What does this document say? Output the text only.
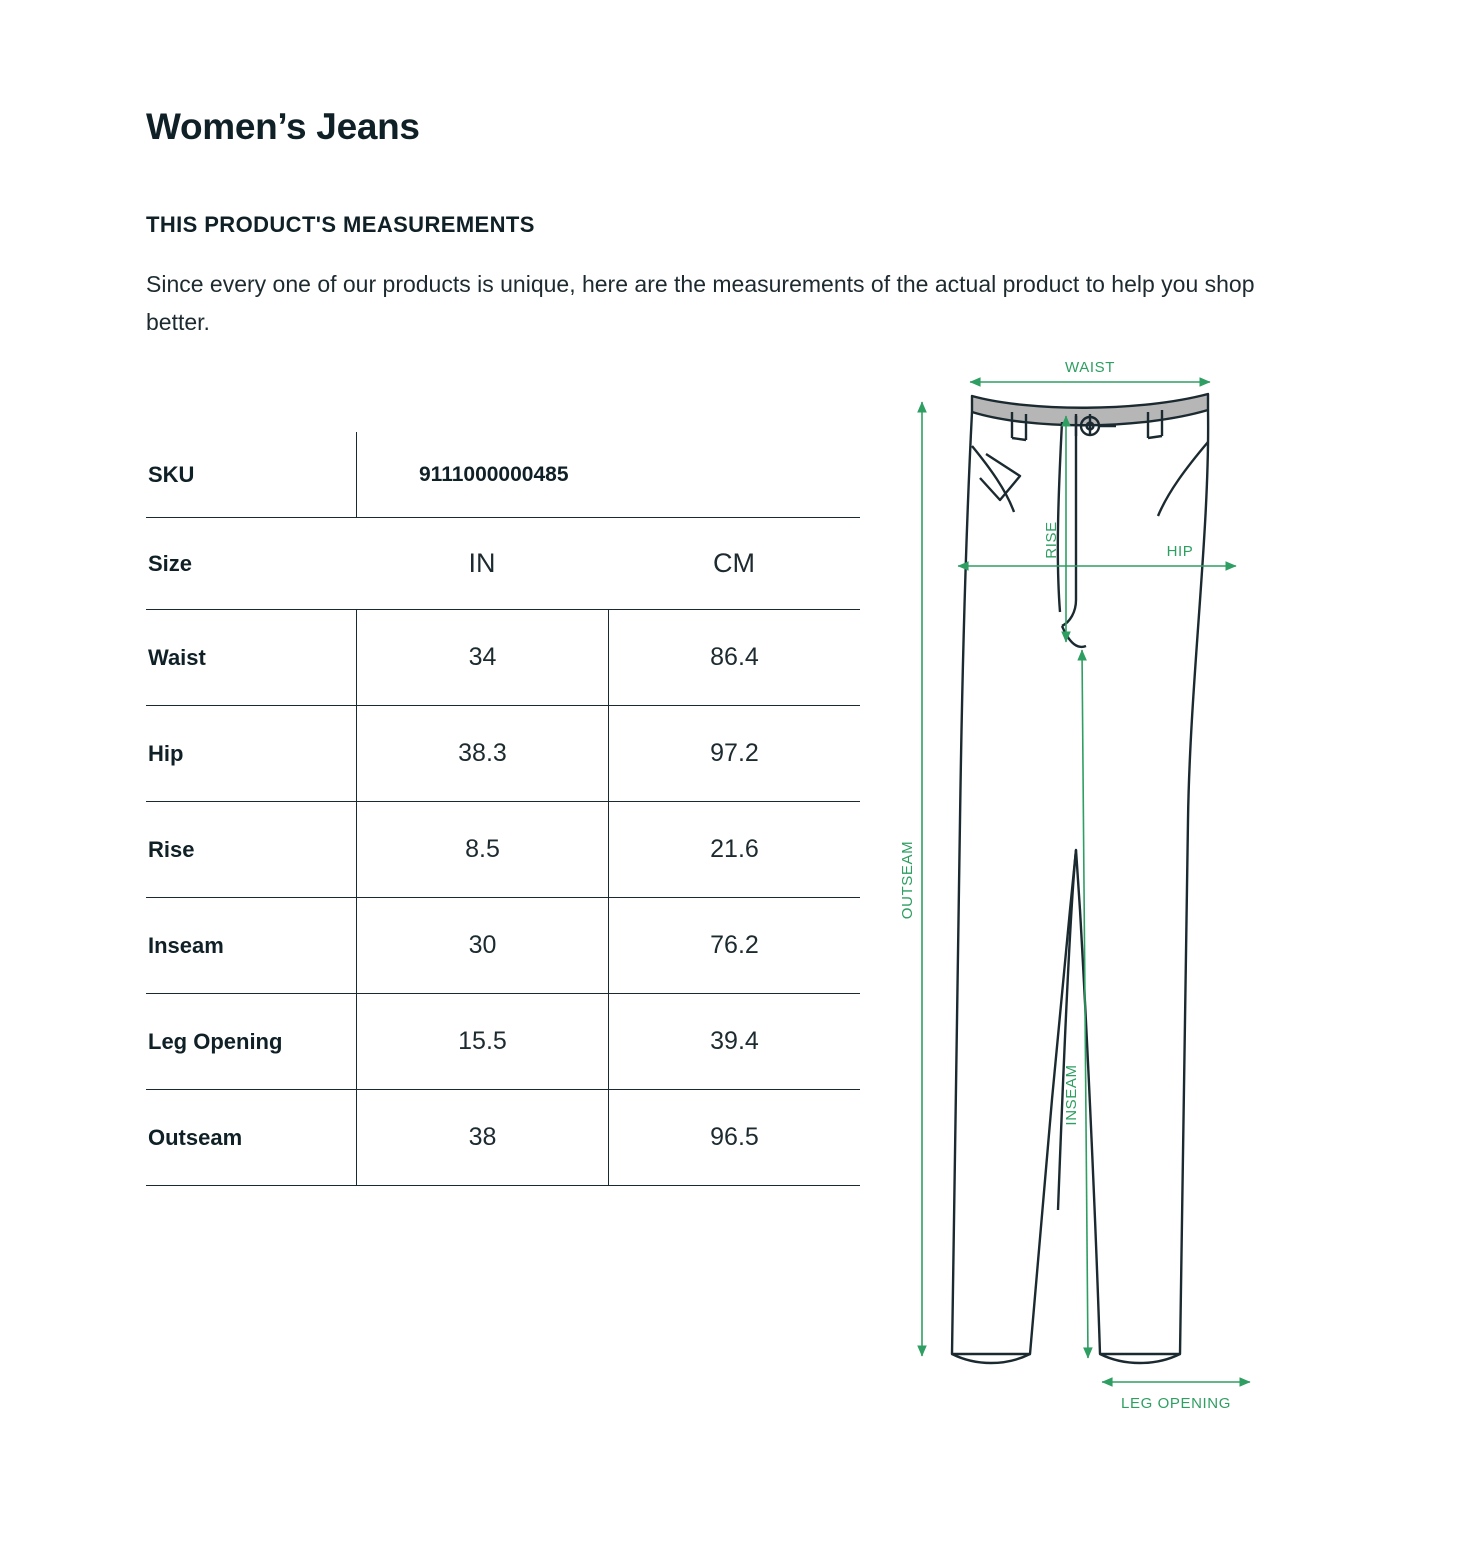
Women’s Jeans
THIS PRODUCT'S MEASUREMENTS
Since every one of our products is unique, here are the measurements of the actual product to help you shop better.
SKU	9111000000485
Size	IN	CM
Waist	34	86.4
Hip	38.3	97.2
Rise	8.5	21.6
Inseam	30	76.2
Leg Opening	15.5	39.4
Outseam	38	96.5
WAIST
HIP
RISE
OUTSEAM
INSEAM
LEG OPENING
